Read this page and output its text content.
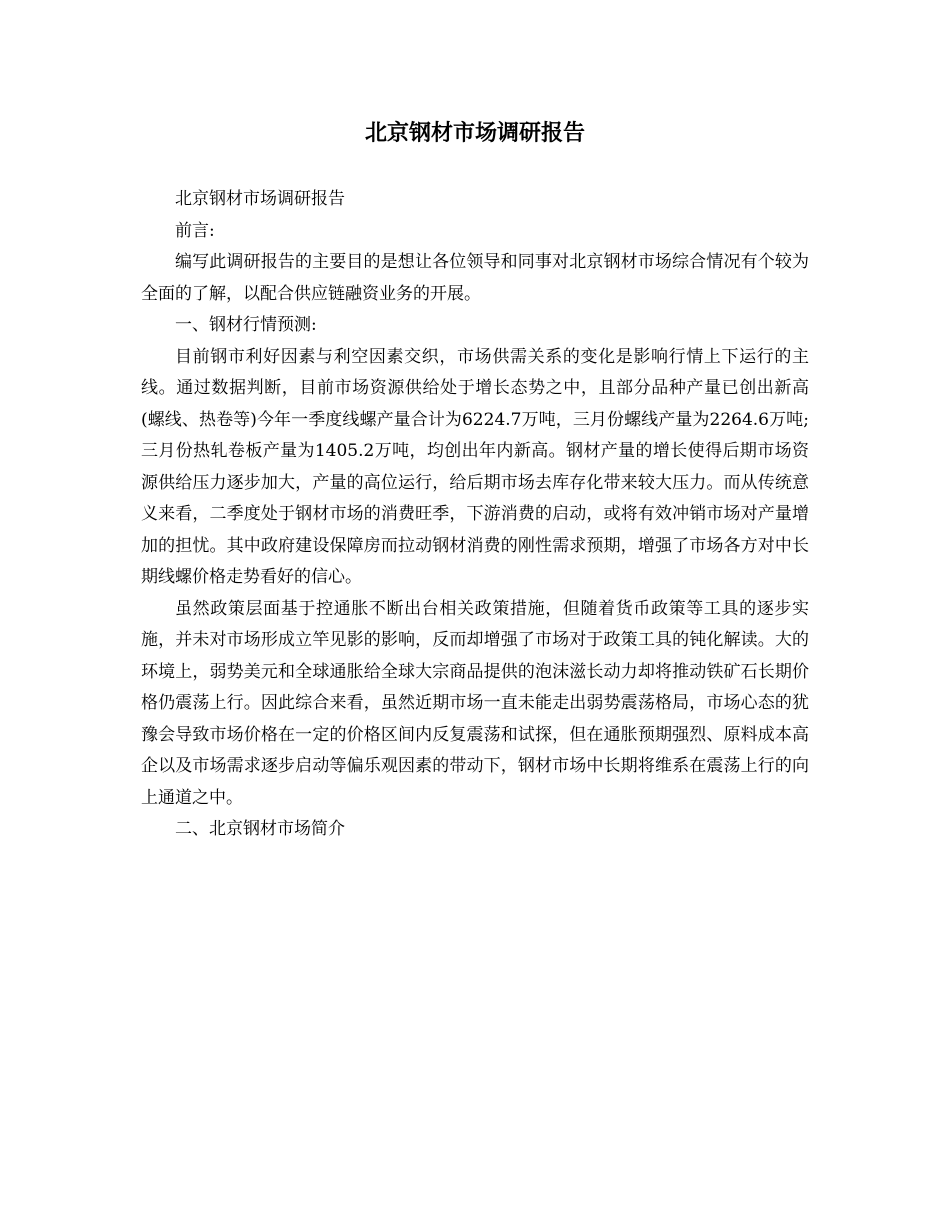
北京钢材市场调研报告

北京钢材市场调研报告

前言:

编写此调研报告的主要目的是想让各位领导和同事对北京钢材市场综合情况有个较为全面的了解，以配合供应链融资业务的开展。

一、钢材行情预测:

目前钢市利好因素与利空因素交织，市场供需关系的变化是影响行情上下运行的主线。通过数据判断，目前市场资源供给处于增长态势之中，且部分品种产量已创出新高(螺线、热卷等)今年一季度线螺产量合计为6224.7万吨，三月份螺线产量为2264.6万吨;三月份热轧卷板产量为1405.2万吨，均创出年内新高。钢材产量的增长使得后期市场资源供给压力逐步加大，产量的高位运行，给后期市场去库存化带来较大压力。而从传统意义来看，二季度处于钢材市场的消费旺季，下游消费的启动，或将有效冲销市场对产量增加的担忧。其中政府建设保障房而拉动钢材消费的刚性需求预期，增强了市场各方对中长期线螺价格走势看好的信心。

虽然政策层面基于控通胀不断出台相关政策措施，但随着货币政策等工具的逐步实施，并未对市场形成立竿见影的影响，反而却增强了市场对于政策工具的钝化解读。大的环境上，弱势美元和全球通胀给全球大宗商品提供的泡沫滋长动力却将推动铁矿石长期价格仍震荡上行。因此综合来看，虽然近期市场一直未能走出弱势震荡格局，市场心态的犹豫会导致市场价格在一定的价格区间内反复震荡和试探，但在通胀预期强烈、原料成本高企以及市场需求逐步启动等偏乐观因素的带动下，钢材市场中长期将维系在震荡上行的向上通道之中。

二、北京钢材市场简介
